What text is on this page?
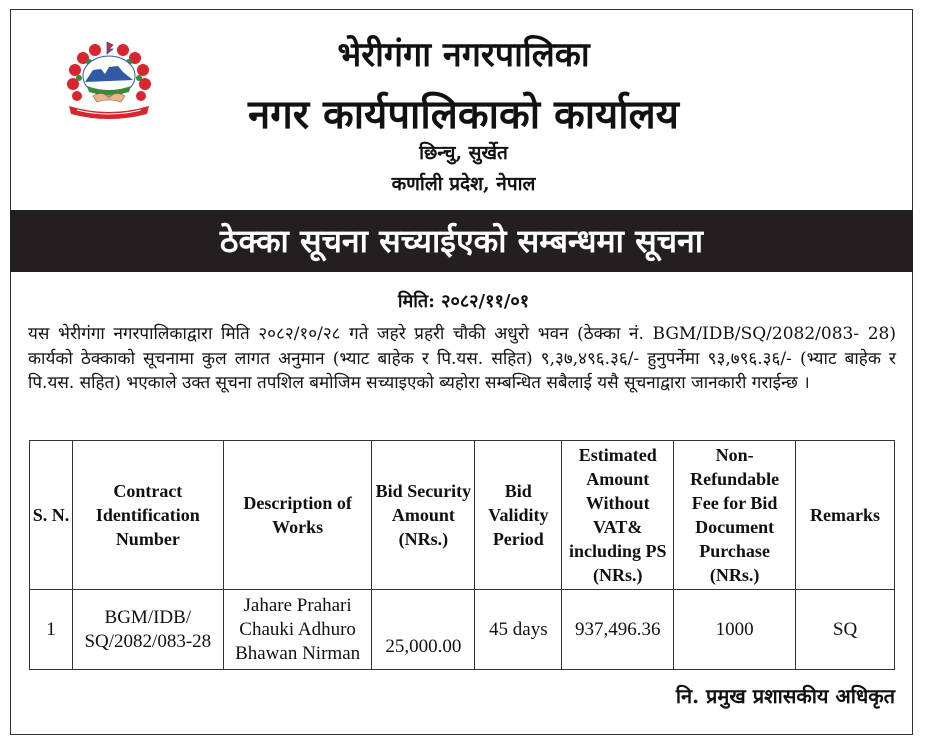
भेरीगंगा नगरपालिका
नगर कार्यपालिकाको कार्यालय
छिन्चु, सुर्खेत
कर्णाली प्रदेश, नेपाल
ठेक्का सूचना सच्याईएको सम्बन्धमा सूचना
मिति: २०८२/११/०१
यस भेरीगंगा नगरपालिकाद्वारा मिति २०८२/१०/२८ गते जहरे प्रहरी चौकी अधुरो भवन (ठेक्का नं. BGM/IDB/SQ/2082/083- 28) कार्यको ठेक्काको सूचनामा कुल लागत अनुमान (भ्याट बाहेक र पि.यस. सहित) ९,३७,४९६.३६/- हुनुपर्नेमा ९३,७९६.३६/- (भ्याट बाहेक र पि.यस. सहित) भएकाले उक्त सूचना तपशिल बमोजिम सच्याइएको ब्यहोरा सम्बन्धित सबैलाई यसै सूचनाद्वारा जानकारी गराईन्छ ।
S. N.	Contract Identification Number	Description of Works	Bid Security Amount (NRs.)	Bid Validity Period	Estimated Amount Without VAT& including PS (NRs.)	Non-Refundable Fee for Bid Document Purchase (NRs.)	Remarks
1	BGM/IDB/ SQ/2082/083-28	Jahare Prahari Chauki Adhuro Bhawan Nirman	25,000.00	45 days	937,496.36	1000	SQ
नि. प्रमुख प्रशासकीय अधिकृत
